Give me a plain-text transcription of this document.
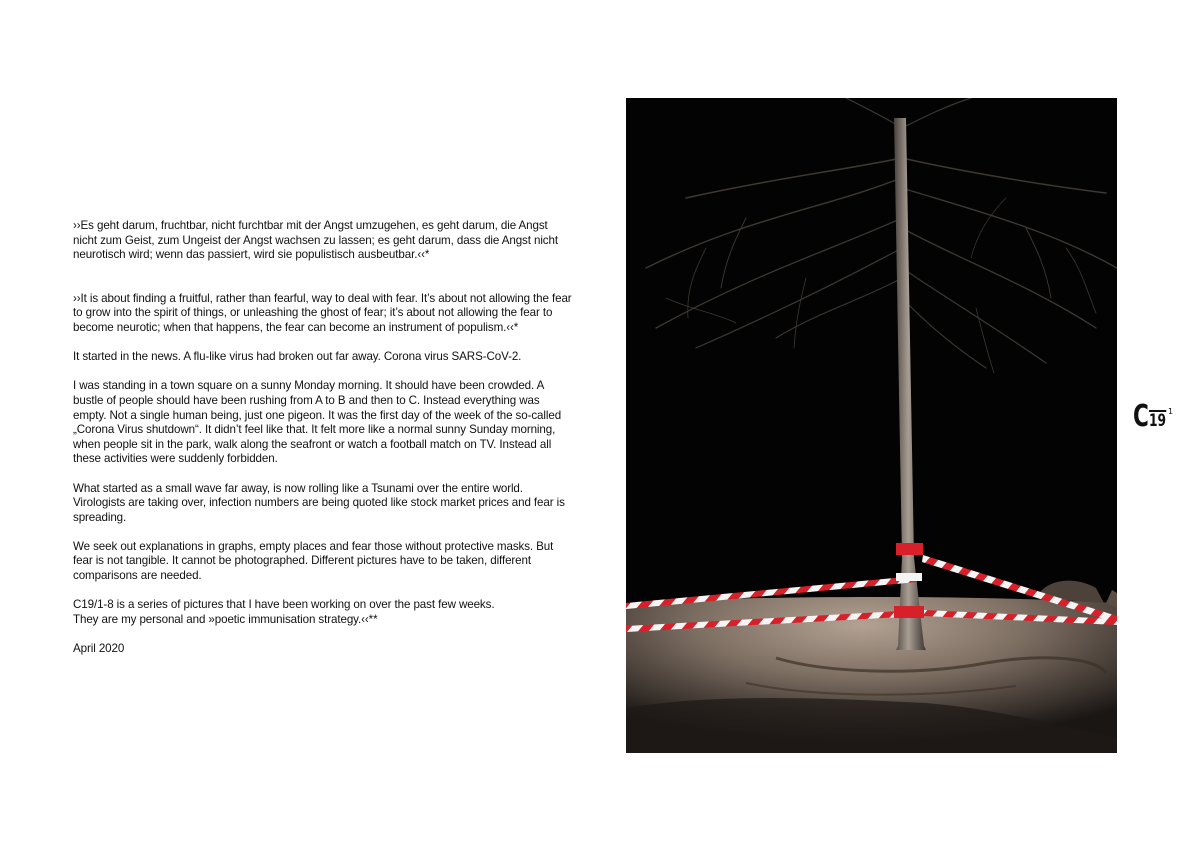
››Es geht darum, fruchtbar, nicht furchtbar mit der Angst umzugehen, es geht darum, die Angst nicht zum Geist, zum Ungeist der Angst wachsen zu lassen; es geht darum, dass die Angst nicht neurotisch wird; wenn das passiert, wird sie populistisch ausbeutbar.‹‹*

››It is about finding a fruitful, rather than fearful, way to deal with fear. It’s about not allowing the fear to grow into the spirit of things, or unleashing the ghost of fear; it’s about not allowing the fear to become neurotic; when that happens, the fear can become an instrument of populism.‹‹*

It started in the news. A flu-like virus had broken out far away. Corona virus SARS-CoV-2.

I was standing in a town square on a sunny Monday morning. It should have been crowded. A bustle of people should have been rushing from A to B and then to C. Instead everything was empty. Not a single human being, just one pigeon. It was the first day of the week of the so-called „Corona Virus shutdown“. It didn’t feel like that. It felt more like a normal sunny Sunday morning, when people sit in the park, walk along the seafront or watch a football match on TV. Instead all these activities were suddenly forbidden.

What started as a small wave far away, is now rolling like a Tsunami over the entire world. Virologists are taking over, infection numbers are being quoted like stock market prices and fear is spreading.

We seek out explanations in graphs, empty places and fear those without protective masks. But fear is not tangible. It cannot be photographed. Different pictures have to be taken, different comparisons are needed.

C19/1-8 is a series of pictures that I have been working on over the past few weeks.
They are my personal and »poetic immunisation strategy.‹‹**

April 2020

C 19 1
